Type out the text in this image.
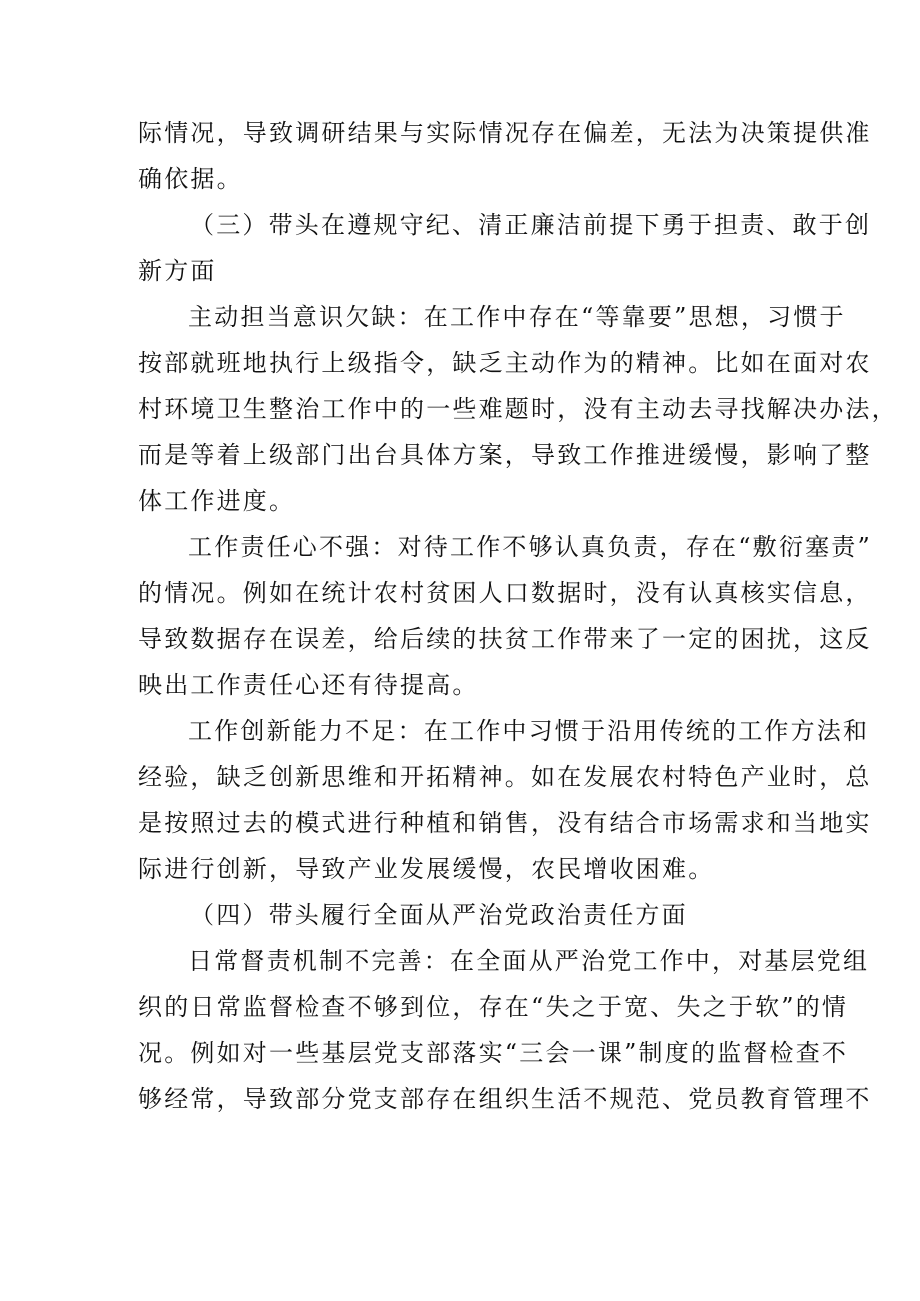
际情况，导致调研结果与实际情况存在偏差，无法为决策提供准
确依据。
（三）带头在遵规守纪、清正廉洁前提下勇于担责、敢于创
新方面
主动担当意识欠缺：在工作中存在“等靠要”思想，习惯于
按部就班地执行上级指令，缺乏主动作为的精神。比如在面对农
村环境卫生整治工作中的一些难题时，没有主动去寻找解决办法，
而是等着上级部门出台具体方案，导致工作推进缓慢，影响了整
体工作进度。
工作责任心不强：对待工作不够认真负责，存在“敷衍塞责”
的情况。例如在统计农村贫困人口数据时，没有认真核实信息，
导致数据存在误差，给后续的扶贫工作带来了一定的困扰，这反
映出工作责任心还有待提高。
工作创新能力不足：在工作中习惯于沿用传统的工作方法和
经验，缺乏创新思维和开拓精神。如在发展农村特色产业时，总
是按照过去的模式进行种植和销售，没有结合市场需求和当地实
际进行创新，导致产业发展缓慢，农民增收困难。
（四）带头履行全面从严治党政治责任方面
日常督责机制不完善：在全面从严治党工作中，对基层党组
织的日常监督检查不够到位，存在“失之于宽、失之于软”的情
况。例如对一些基层党支部落实“三会一课”制度的监督检查不
够经常，导致部分党支部存在组织生活不规范、党员教育管理不
